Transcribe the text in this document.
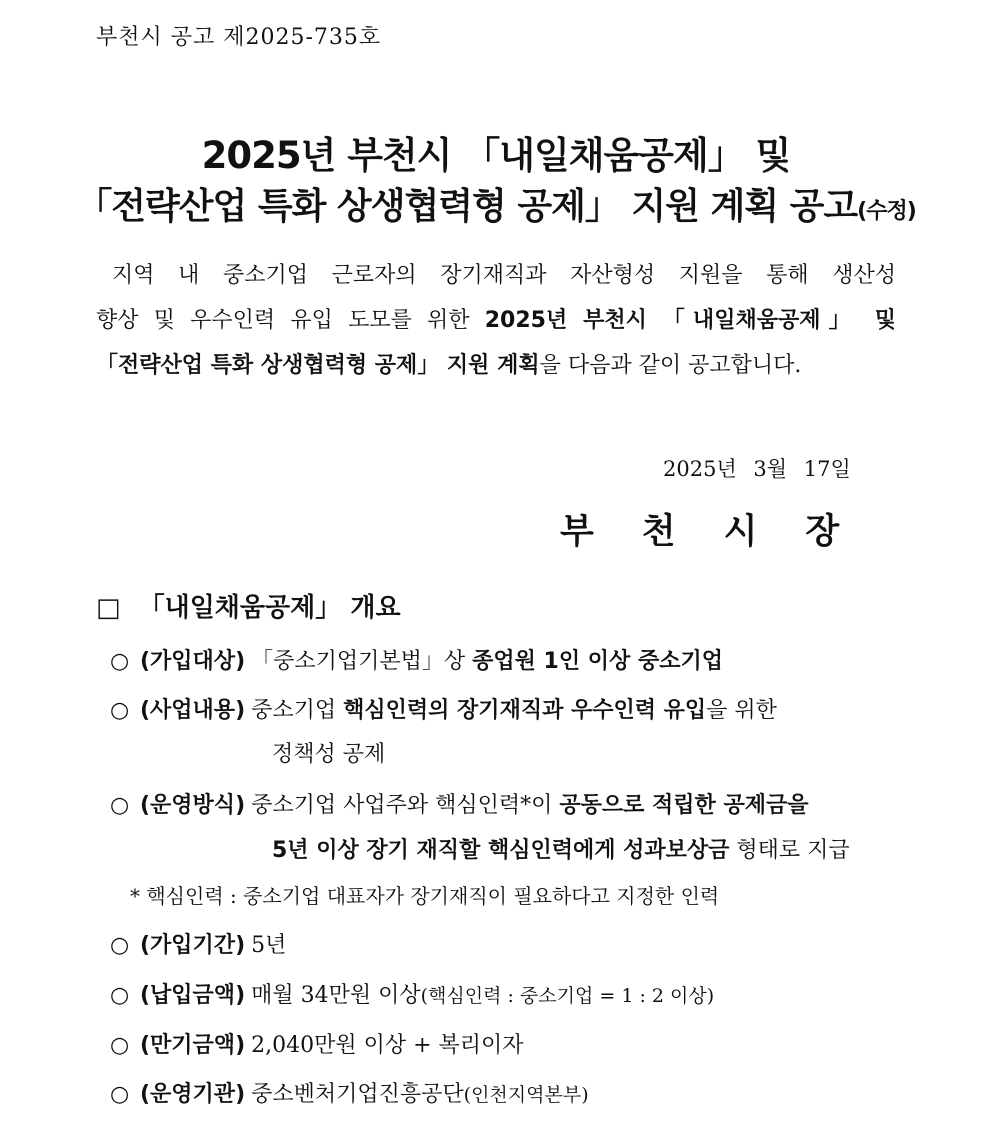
부천시 공고 제2025-735호
2025년 부천시 「내일채움공제」 및
「전략산업 특화 상생협력형 공제」 지원 계획 공고(수정)
지역 내 중소기업 근로자의 장기재직과 자산형성 지원을 통해 생산성
향상 및 우수인력 유입 도모를 위한 2025년 부천시 「내일채움공제」 및
「전략산업 특화 상생협력형 공제」 지원 계획을 다음과 같이 공고합니다.
2025년 3월 17일
부천시장
□ 「내일채움공제」 개요
○ (가입대상) 「중소기업기본법」상 종업원 1인 이상 중소기업
○ (사업내용) 중소기업 핵심인력의 장기재직과 우수인력 유입을 위한
정책성 공제
○ (운영방식) 중소기업 사업주와 핵심인력*이 공동으로 적립한 공제금을
5년 이상 장기 재직할 핵심인력에게 성과보상금 형태로 지급
* 핵심인력 : 중소기업 대표자가 장기재직이 필요하다고 지정한 인력
○ (가입기간) 5년
○ (납입금액) 매월 34만원 이상(핵심인력 : 중소기업 = 1 : 2 이상)
○ (만기금액) 2,040만원 이상 + 복리이자
○ (운영기관) 중소벤처기업진흥공단(인천지역본부)
